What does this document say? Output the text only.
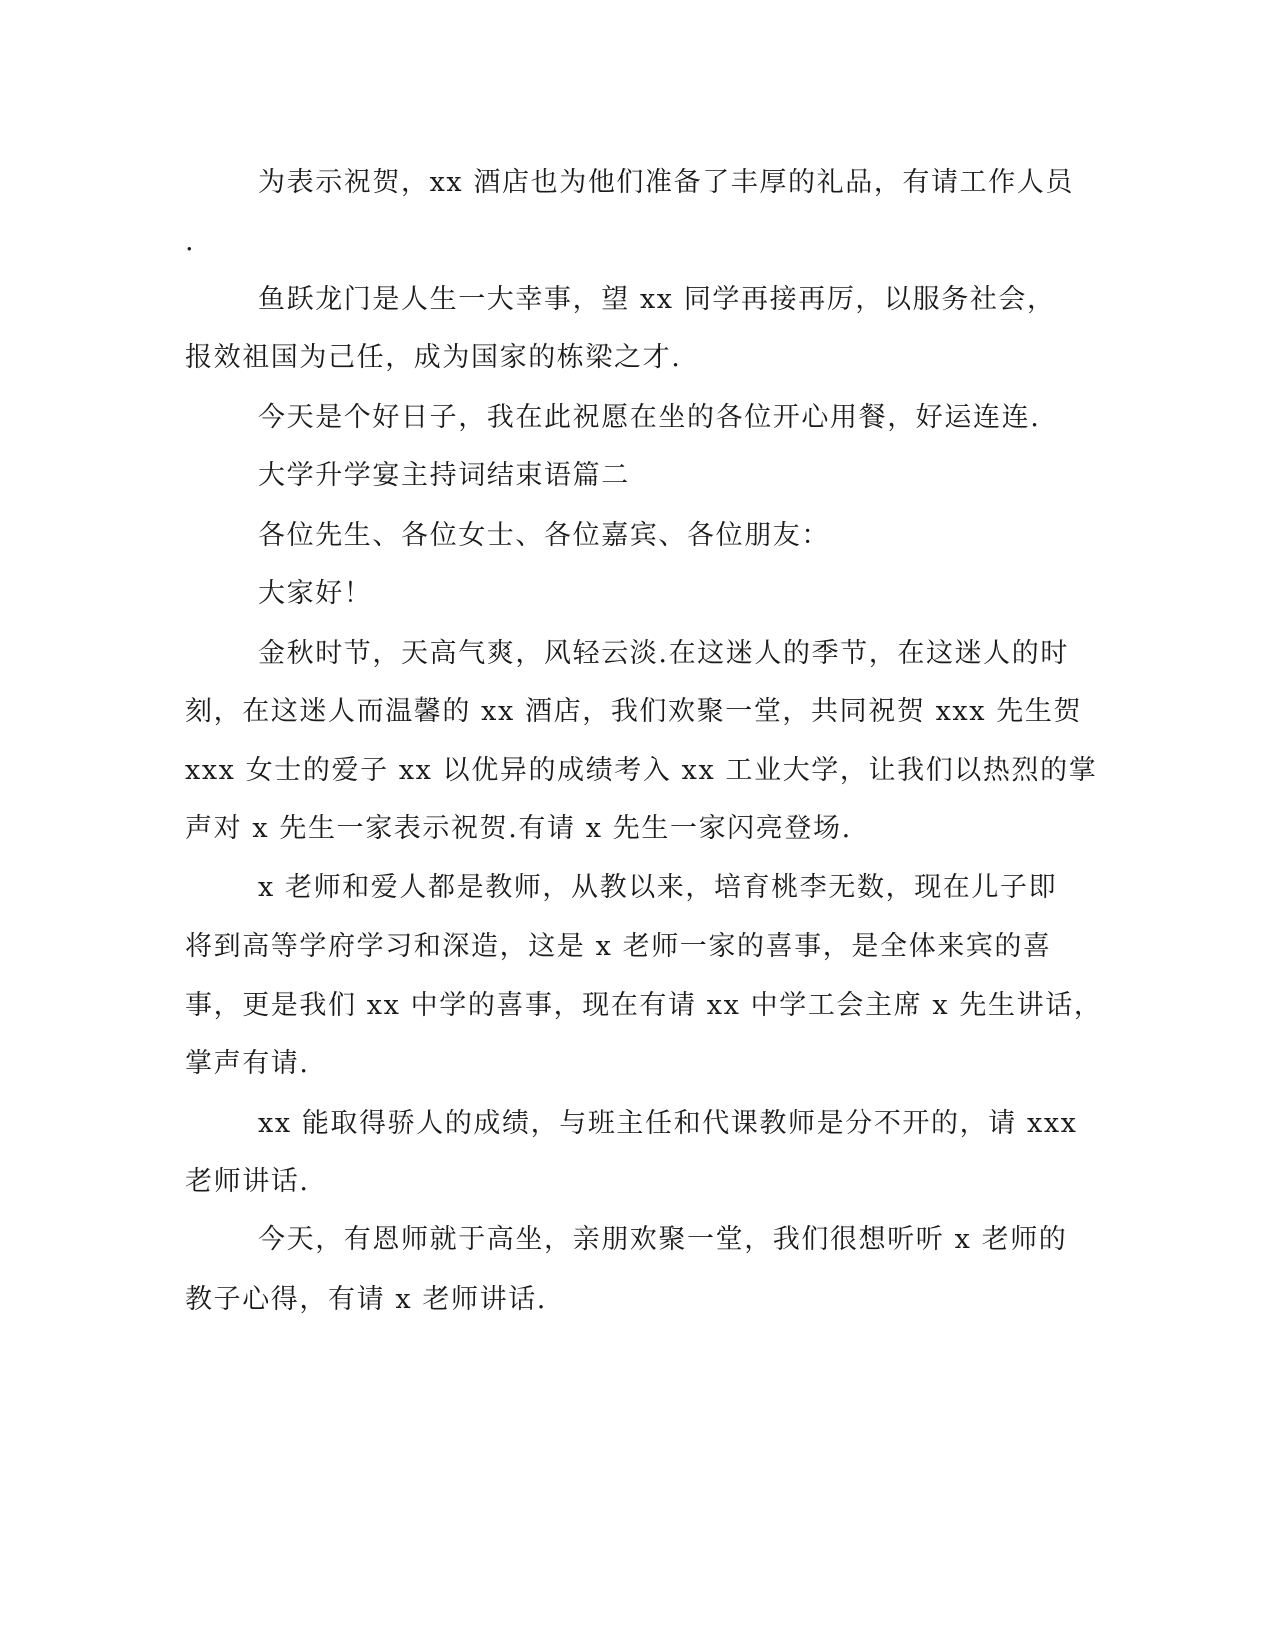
为表示祝贺，xx 酒店也为他们准备了丰厚的礼品，有请工作人员

.

鱼跃龙门是人生一大幸事，望 xx 同学再接再厉，以服务社会，

报效祖国为己任，成为国家的栋梁之才.

今天是个好日子，我在此祝愿在坐的各位开心用餐，好运连连.

大学升学宴主持词结束语篇二

各位先生、各位女士、各位嘉宾、各位朋友：

大家好！

金秋时节，天高气爽，风轻云淡.在这迷人的季节，在这迷人的时

刻，在这迷人而温馨的 xx 酒店，我们欢聚一堂，共同祝贺 xxx 先生贺

xxx 女士的爱子 xx 以优异的成绩考入 xx 工业大学，让我们以热烈的掌

声对 x 先生一家表示祝贺.有请 x 先生一家闪亮登场.

x 老师和爱人都是教师，从教以来，培育桃李无数，现在儿子即

将到高等学府学习和深造，这是 x 老师一家的喜事，是全体来宾的喜

事，更是我们 xx 中学的喜事，现在有请 xx 中学工会主席 x 先生讲话，

掌声有请.

xx 能取得骄人的成绩，与班主任和代课教师是分不开的，请 xxx

老师讲话.

今天，有恩师就于高坐，亲朋欢聚一堂，我们很想听听 x 老师的

教子心得，有请 x 老师讲话.
